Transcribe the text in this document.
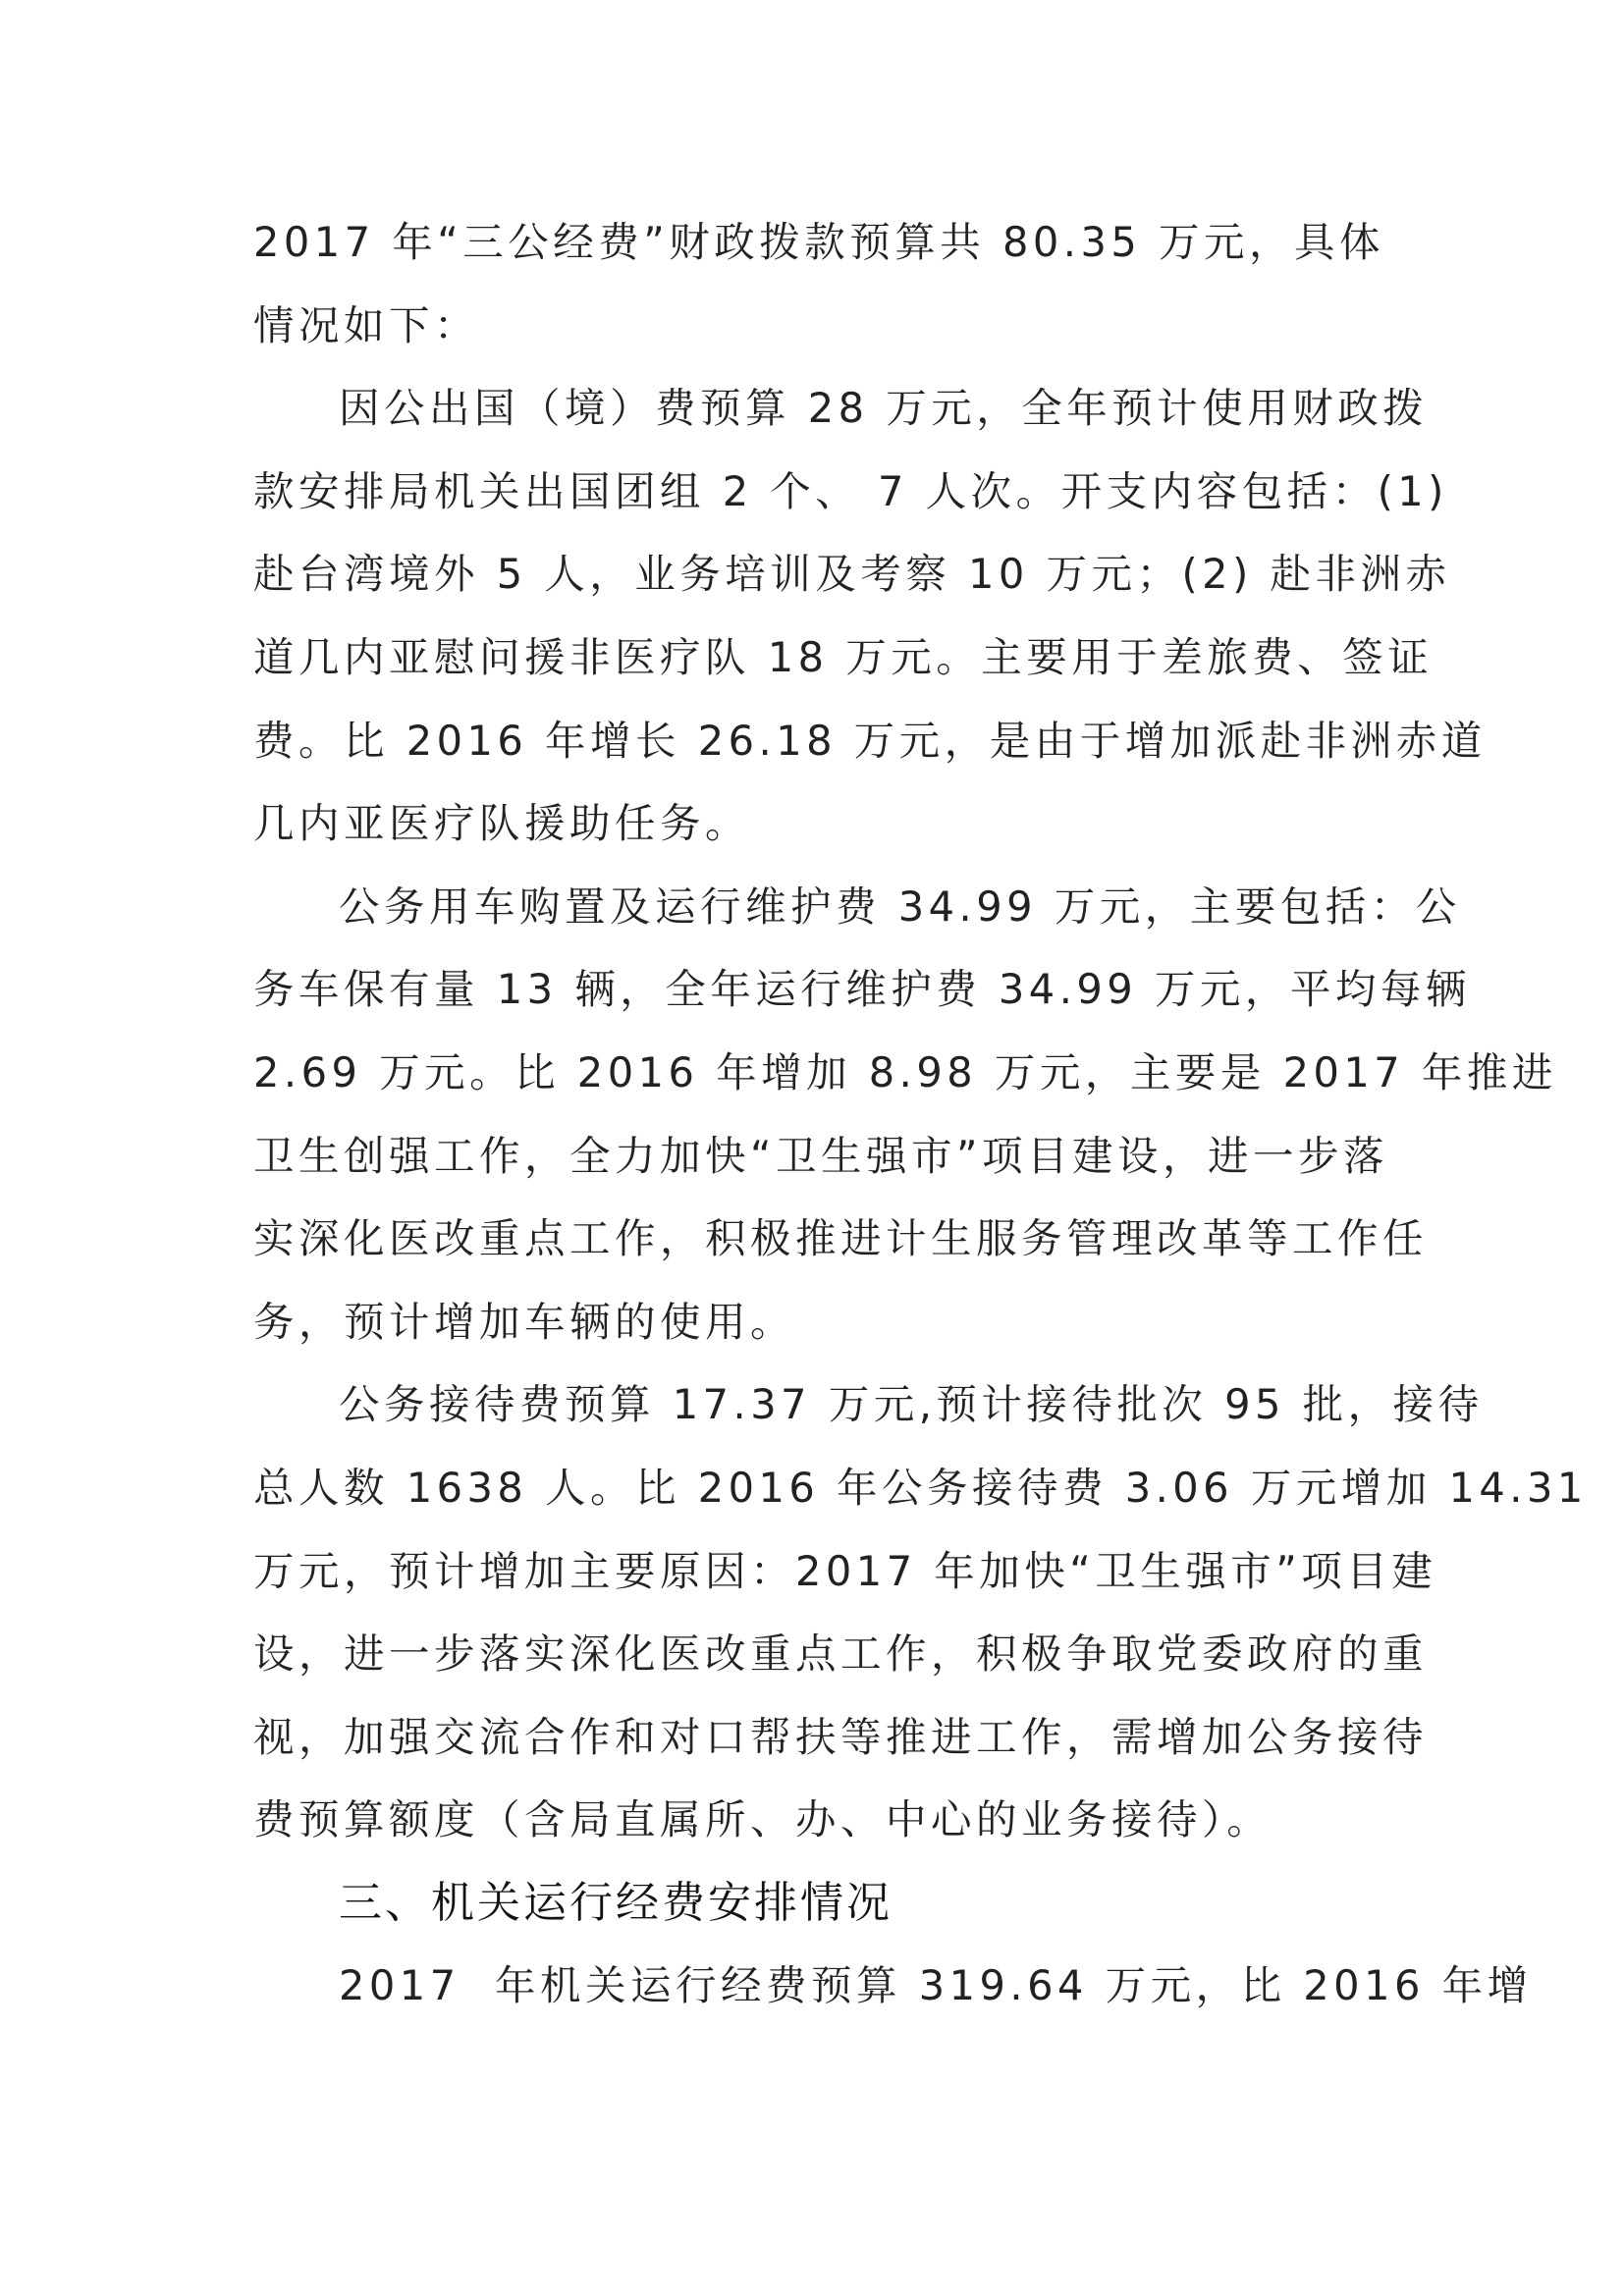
2017 年“三公经费”财政拨款预算共 80.35 万元，具体
情况如下：
因公出国（境）费预算 28 万元，全年预计使用财政拨
款安排局机关出国团组 2 个、 7 人次。开支内容包括：(1)
赴台湾境外 5 人，业务培训及考察 10 万元；(2) 赴非洲赤
道几内亚慰问援非医疗队 18 万元。主要用于差旅费、签证
费。比 2016 年增长 26.18 万元，是由于增加派赴非洲赤道
几内亚医疗队援助任务。
公务用车购置及运行维护费 34.99 万元，主要包括：公
务车保有量 13 辆，全年运行维护费 34.99 万元，平均每辆
2.69 万元。比 2016 年增加 8.98 万元，主要是 2017 年推进
卫生创强工作，全力加快“卫生强市”项目建设，进一步落
实深化医改重点工作，积极推进计生服务管理改革等工作任
务，预计增加车辆的使用。
公务接待费预算 17.37 万元,预计接待批次 95 批，接待
总人数 1638 人。比 2016 年公务接待费 3.06 万元增加 14.31
万元，预计增加主要原因：2017 年加快“卫生强市”项目建
设，进一步落实深化医改重点工作，积极争取党委政府的重
视，加强交流合作和对口帮扶等推进工作，需增加公务接待
费预算额度（含局直属所、办、中心的业务接待）。
三、机关运行经费安排情况
2017  年机关运行经费预算 319.64 万元，比 2016 年增
